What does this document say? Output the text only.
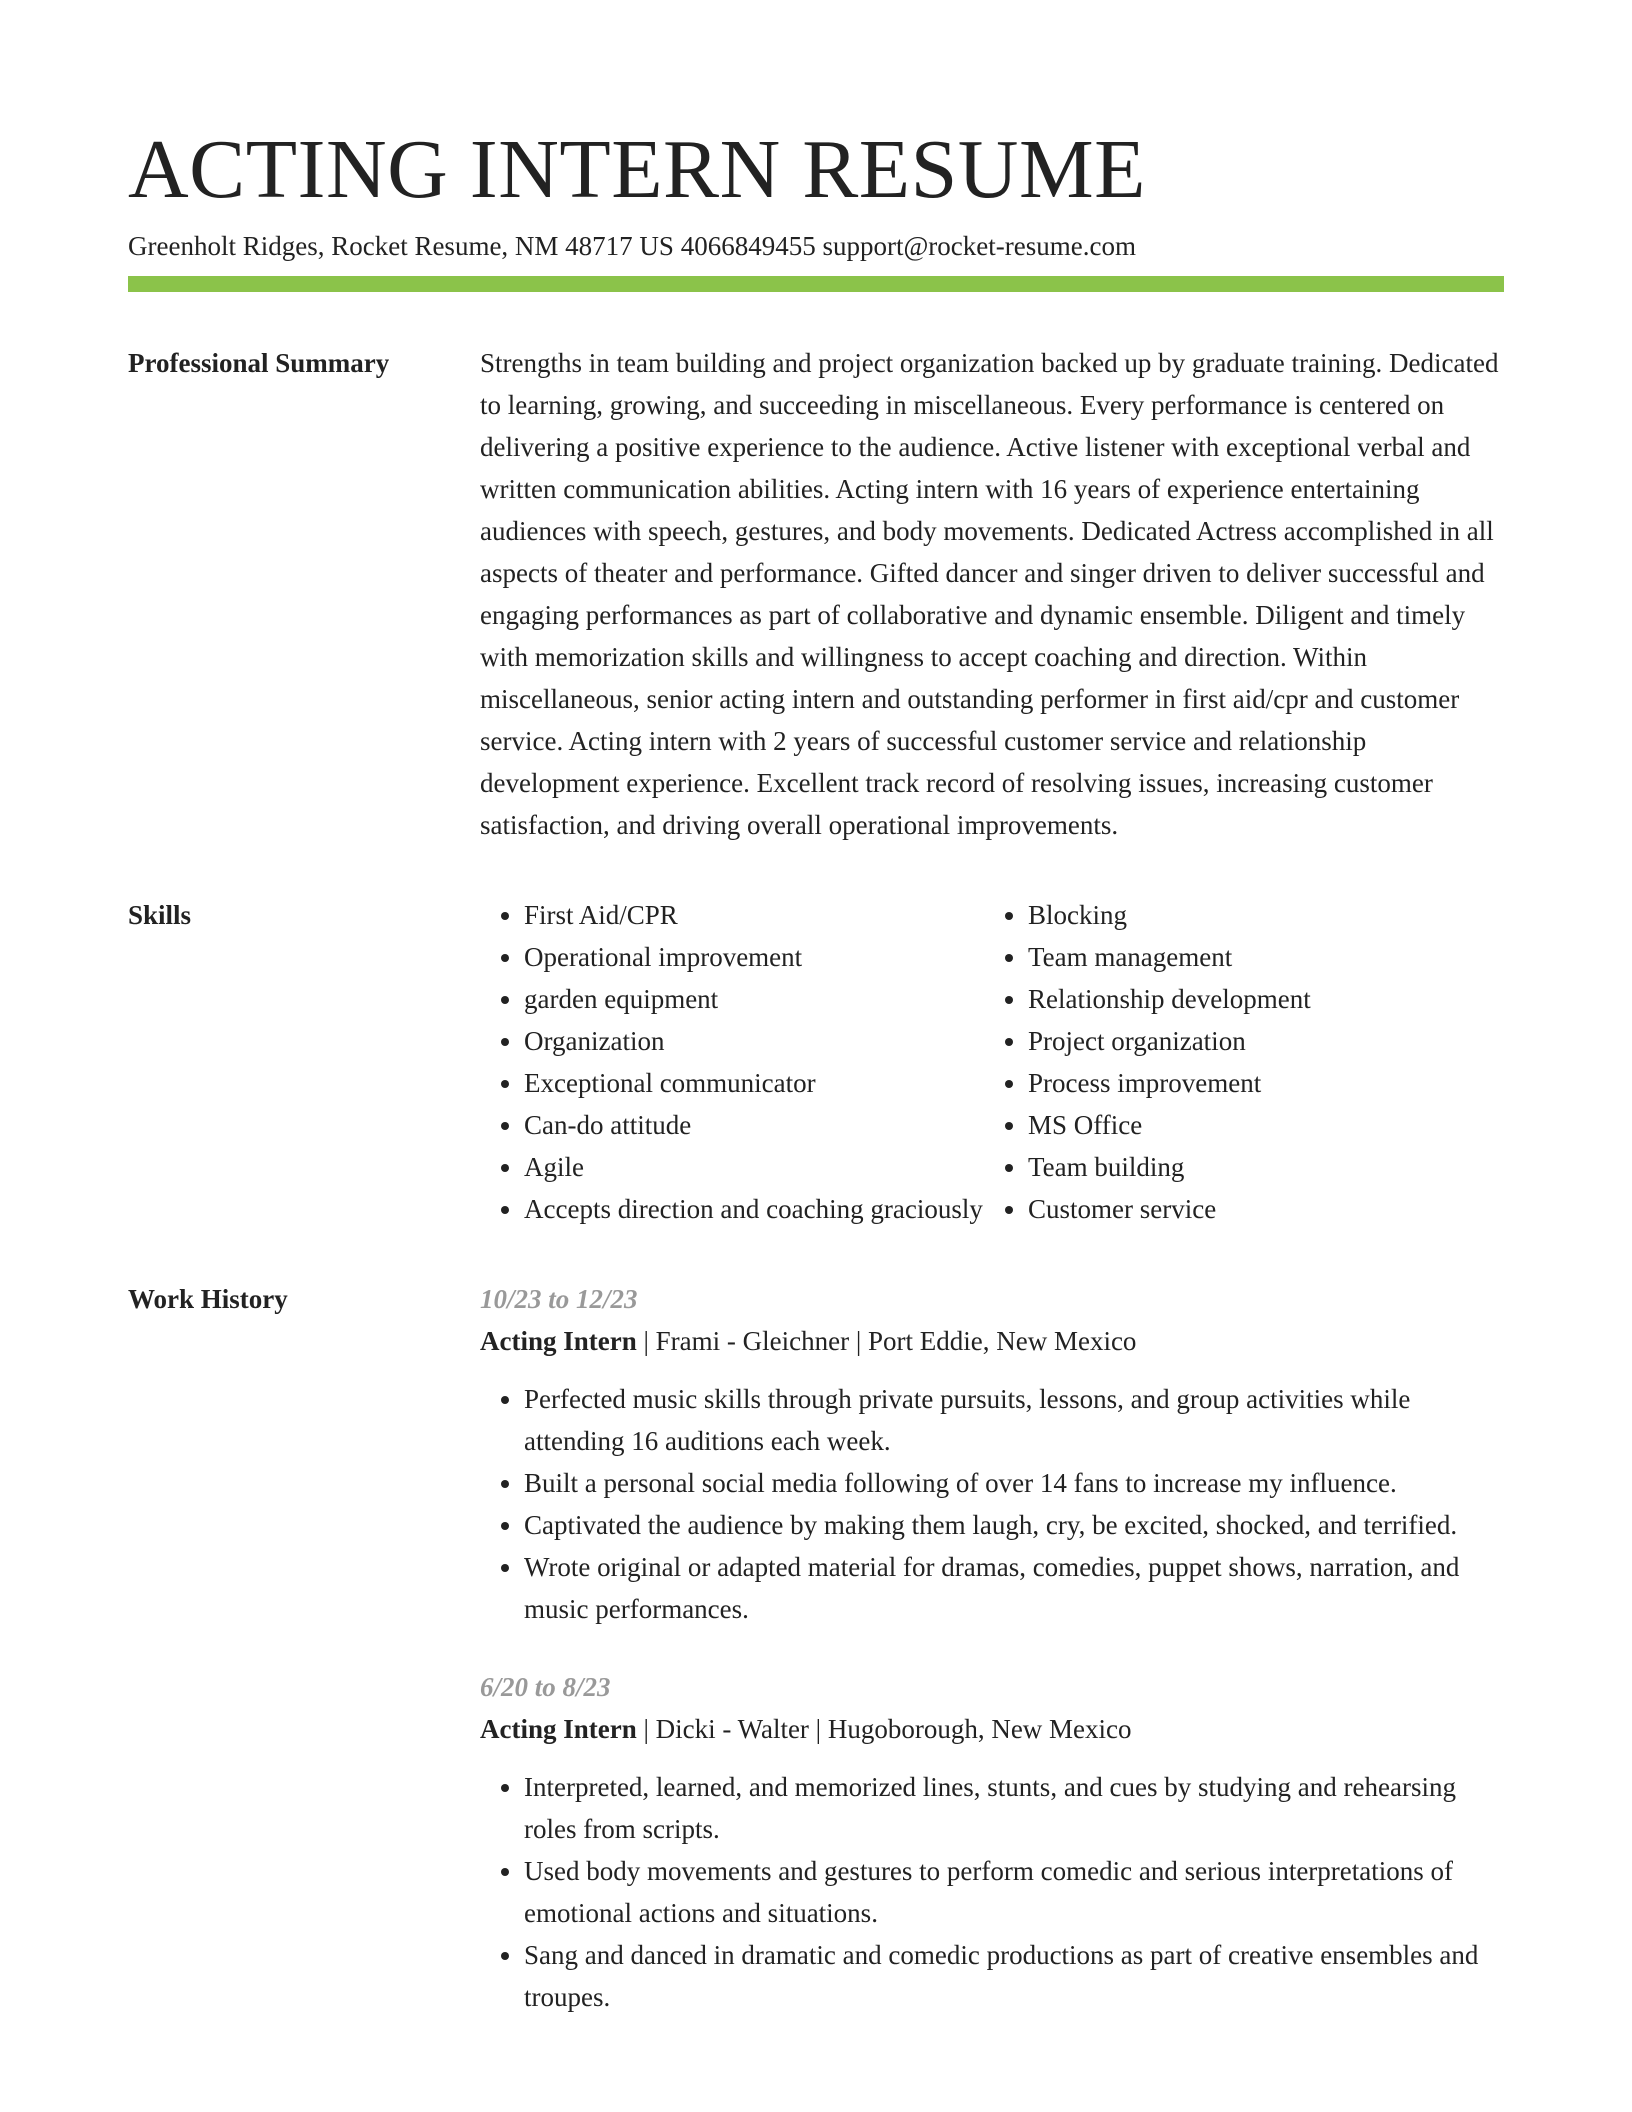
ACTING INTERN RESUME
Greenholt Ridges, Rocket Resume, NM 48717 US 4066849455 support@rocket-resume.com
Professional Summary	Strengths in team building and project organization backed up by graduate training. Dedicated to learning, growing, and succeeding in miscellaneous. Every performance is centered on delivering a positive experience to the audience. Active listener with exceptional verbal and written communication abilities. Acting intern with 16 years of experience entertaining audiences with speech, gestures, and body movements. Dedicated Actress accomplished in all aspects of theater and performance. Gifted dancer and singer driven to deliver successful and engaging performances as part of collaborative and dynamic ensemble. Diligent and timely with memorization skills and willingness to accept coaching and direction. Within miscellaneous, senior acting intern and outstanding performer in first aid/cpr and customer service. Acting intern with 2 years of successful customer service and relationship development experience. Excellent track record of resolving issues, increasing customer satisfaction, and driving overall operational improvements.

Skills
•	First Aid/CPR
• Operational improvement
• garden equipment
• Organization
• Exceptional communicator
• Can-do attitude
• Agile
• Accepts direction and coaching graciously
• Blocking
• Team management
• Relationship development
• Project organization
• Process improvement
• MS Office
• Team building
• Customer service
Work History	10/23 to 12/23
Acting Intern | Frami - Gleichner | Port Eddie, New Mexico
• Perfected music skills through private pursuits, lessons, and group activities while attending 16 auditions each week.
• Built a personal social media following of over 14 fans to increase my influence.
• Captivated the audience by making them laugh, cry, be excited, shocked, and terrified.
• Wrote original or adapted material for dramas, comedies, puppet shows, narration, and music performances.
6/20 to 8/23
Acting Intern | Dicki - Walter | Hugoborough, New Mexico
• Interpreted, learned, and memorized lines, stunts, and cues by studying and rehearsing roles from scripts.
• Used body movements and gestures to perform comedic and serious interpretations of emotional actions and situations.
• Sang and danced in dramatic and comedic productions as part of creative ensembles and troupes.
